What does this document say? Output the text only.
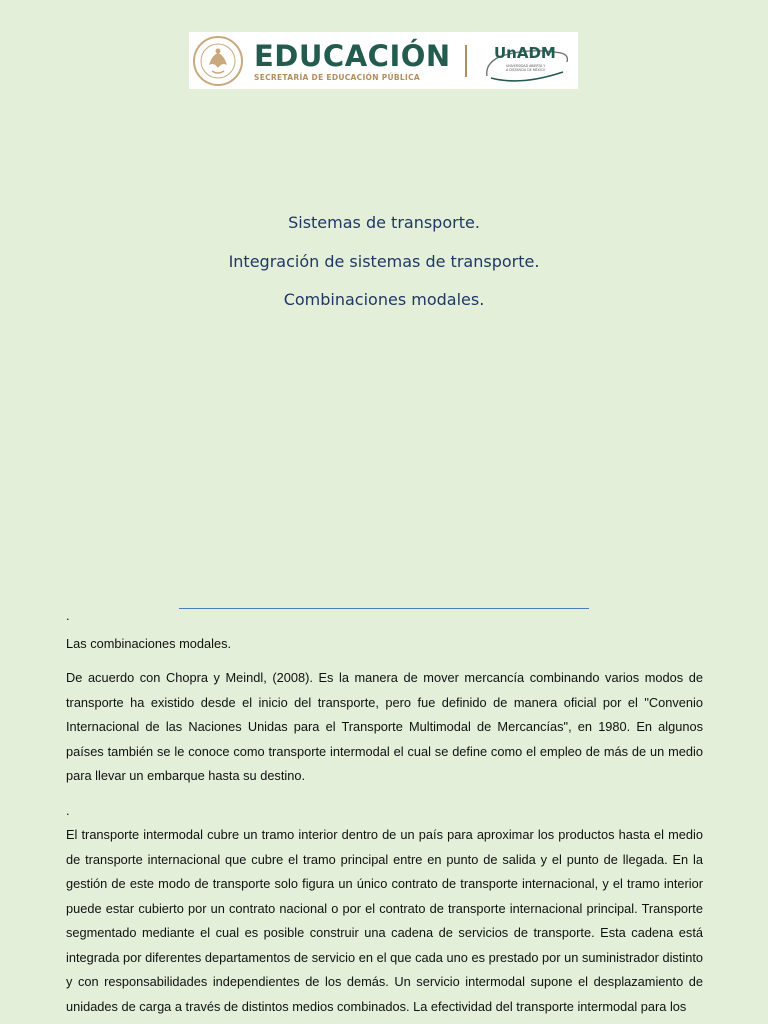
EDUCACIÓN
SECRETARÍA DE EDUCACIÓN PÚBLICA
UnADM
UNIVERSIDAD ABIERTA Y
A DISTANCIA DE MÉXICO
Sistemas de transporte.
Integración de sistemas de transporte.
Combinaciones modales.
.
Las combinaciones modales.
De acuerdo con Chopra y Meindl, (2008). Es la manera de mover mercancía combinando varios modos de transporte ha existido desde el inicio del transporte, pero fue definido de manera oficial por el "Convenio Internacional de las Naciones Unidas para el Transporte Multimodal de Mercancías", en 1980. En algunos países también se le conoce como transporte intermodal el cual se define como el empleo de más de un medio para llevar un embarque hasta su destino.
.
El transporte intermodal cubre un tramo interior dentro de un país para aproximar los productos hasta el medio de transporte internacional que cubre el tramo principal entre en punto de salida y el punto de llegada. En la gestión de este modo de transporte solo figura un único contrato de transporte internacional, y el tramo interior puede estar cubierto por un contrato nacional o por el contrato de transporte internacional principal. Transporte segmentado mediante el cual es posible construir una cadena de servicios de transporte. Esta cadena está integrada por diferentes departamentos de servicio en el que cada uno es prestado por un suministrador distinto y con responsabilidades independientes de los demás. Un servicio intermodal supone el desplazamiento de unidades de carga a través de distintos medios combinados. La efectividad del transporte intermodal para los
